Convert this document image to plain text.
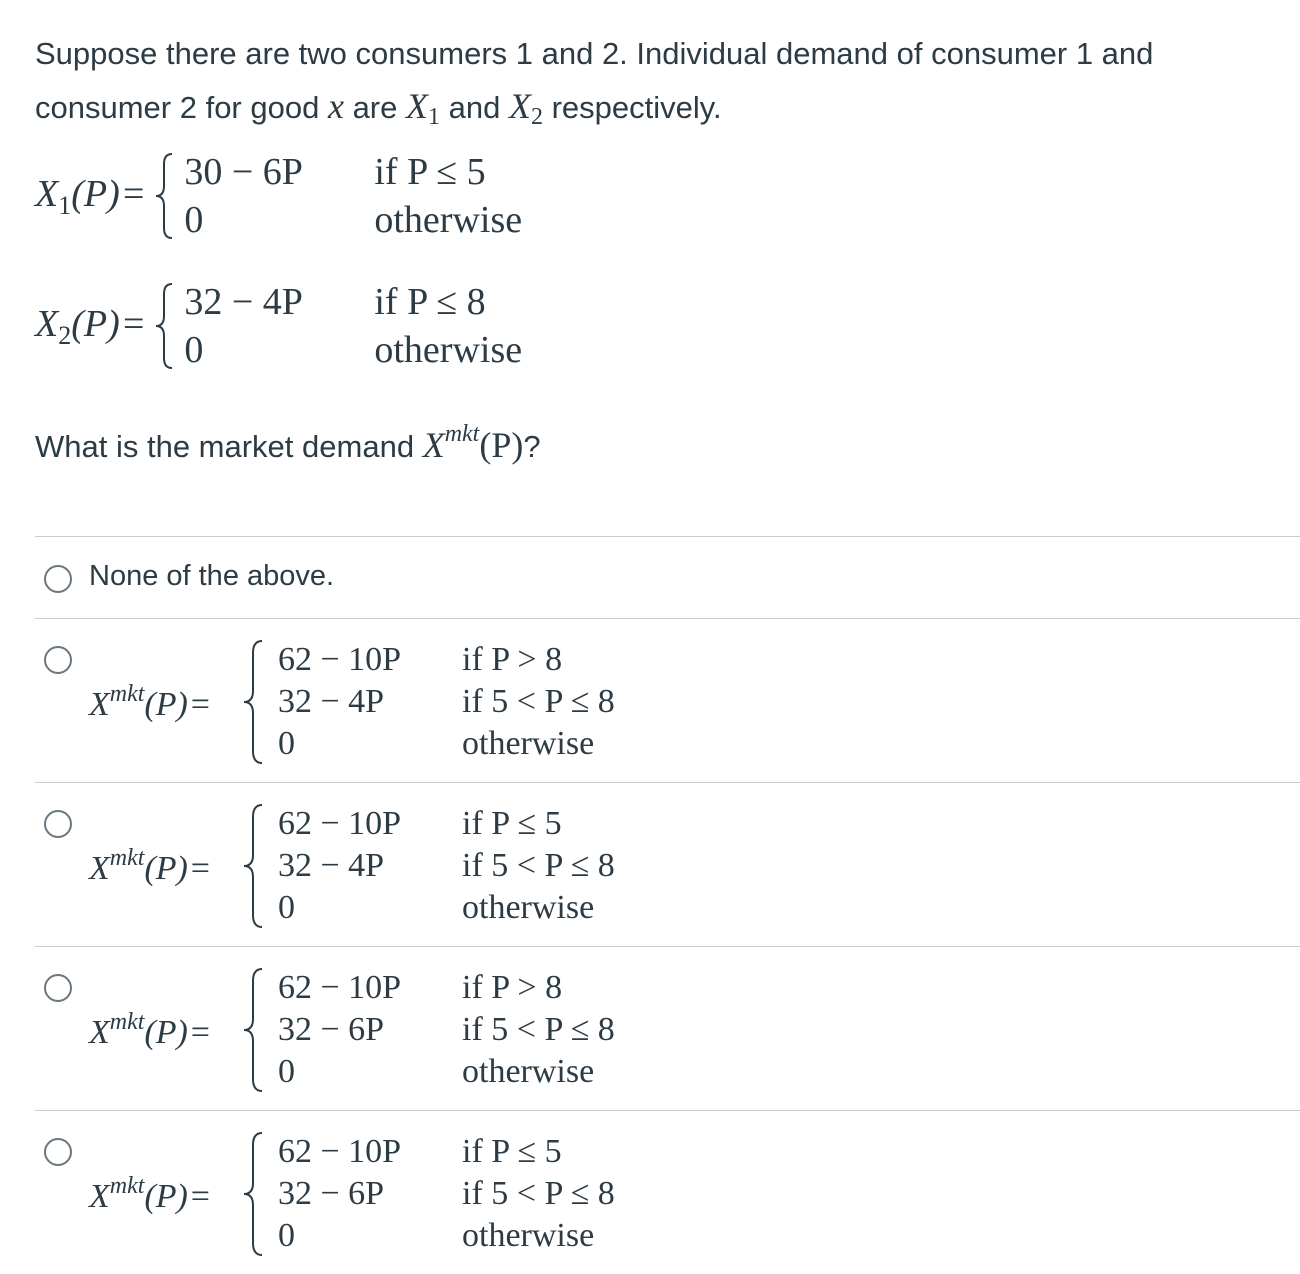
Suppose there are two consumers 1 and 2. Individual demand of consumer 1 and
consumer 2 for good x are $X_1$ and $X_2$ respectively.
$X_1(P)$ =
30 − 6P	if P ≤ 5
0	otherwise
$X_2(P)$ =
32 − 4P	if P ≤ 8
0	otherwise
What is the market demand $X^{mkt}(P)$?
None of the above.
$X^{mkt}(P)$ =
62 − 10P	if P > 8
32 − 4P	if 5 < P ≤ 8
0	otherwise
$X^{mkt}(P)$ =
62 − 10P	if P ≤ 5
32 − 4P	if 5 < P ≤ 8
0	otherwise
$X^{mkt}(P)$ =
62 − 10P	if P > 8
32 − 6P	if 5 < P ≤ 8
0	otherwise
$X^{mkt}(P)$ =
62 − 10P	if P ≤ 5
32 − 6P	if 5 < P ≤ 8
0	otherwise
